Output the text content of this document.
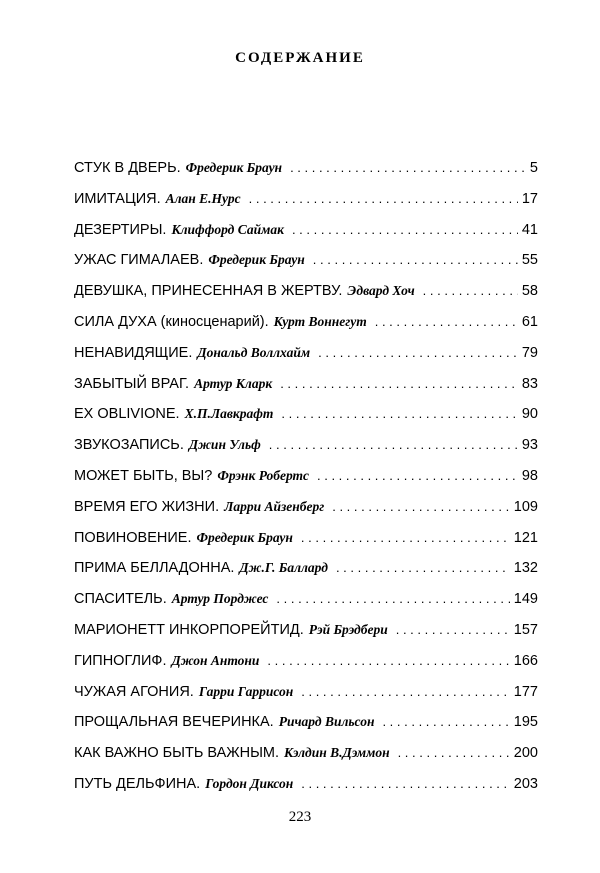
СОДЕРЖАНИЕ
СТУК В ДВЕРЬ. Фредерик Браун . . .	5
ИМИТАЦИЯ. Алан Е.Нурс . . .	17
ДЕЗЕРТИРЫ. Клиффорд Саймак . . .	41
УЖАС ГИМАЛАЕВ. Фредерик Браун . . .	55
ДЕВУШКА, ПРИНЕСЕННАЯ В ЖЕРТВУ. Эдвард Хоч . . .	58
СИЛА ДУХА (киносценарий). Курт Воннегут . . .	61
НЕНАВИДЯЩИЕ. Дональд Воллхайм . . .	79
ЗАБЫТЫЙ ВРАГ. Артур Кларк . . .	83
EX OBLIVIONE. Х.П.Лавкрафт . . .	90
ЗВУКОЗАПИСЬ. Джин Ульф . . .	93
МОЖЕТ БЫТЬ, ВЫ? Фрэнк Робертс . . .	98
ВРЕМЯ ЕГО ЖИЗНИ. Ларри Айзенберг . . .	109
ПОВИНОВЕНИЕ. Фредерик Браун . . .	121
ПРИМА БЕЛЛАДОННА. Дж.Г. Баллард . . .	132
СПАСИТЕЛЬ. Артур Порджес . . .	149
МАРИОНЕТТ ИНКОРПОРЕЙТИД. Рэй Брэдбери . . .	157
ГИПНОГЛИФ. Джон Антони . . .	166
ЧУЖАЯ АГОНИЯ. Гарри Гаррисон . . .	177
ПРОЩАЛЬНАЯ ВЕЧЕРИНКА. Ричард Вильсон . . .	195
КАК ВАЖНО БЫТЬ ВАЖНЫМ. Кэлдин В.Дэммон . . .	200
ПУТЬ ДЕЛЬФИНА. Гордон Диксон . . .	203
223
